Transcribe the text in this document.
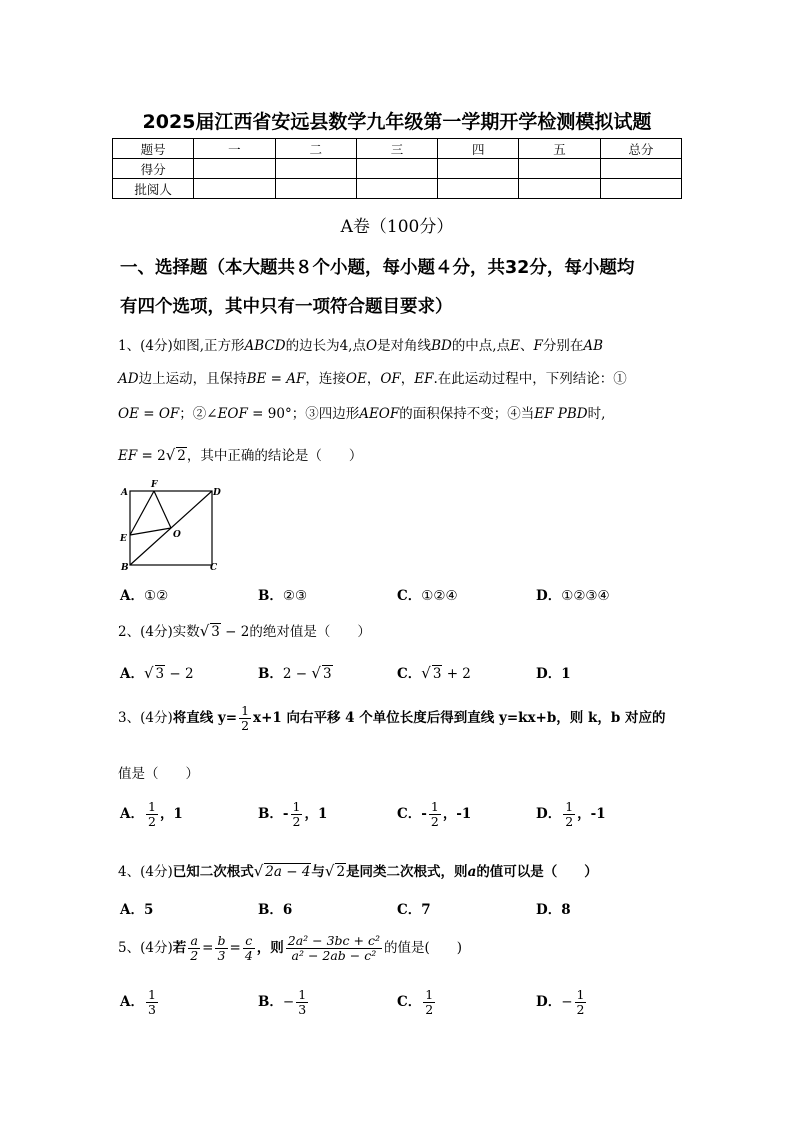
2025届江西省安远县数学九年级第一学期开学检测模拟试题
题号	一	二	三	四	五	总分
得分						
批阅人						
A卷（100分）
一、选择题（本大题共８个小题，每小题４分，共32分，每小题均
有四个选项，其中只有一项符合题目要求）
1、(4分)如图,正方形ABCD的边长为4,点O是对角线BD的中点,点E、F分别在AB
AD边上运动，且保持BE = AF，连接OE，OF，EF.在此运动过程中，下列结论：①
OE = OF；②∠EOF = 90°；③四边形AEOF的面积保持不变；④当EF PBD时,
EF = 2√ 2，其中正确的结论是（　　）
A
F
D
E	O
B	C
A．①②	B．②③	C．①②④	D．①②③④
2、(4分)实数√ 3 − 2的绝对值是（　　）
A．√ 3 − 2	B．2 − √ 3	C．√ 3 + 2	D．1
3、(4分)将直线 $y= \frac{1}{2} x+1$ 向右平移 4 个单位长度后得到直线 y=kx+b，则 k，b 对应的
值是（　　）
A． $\frac{1}{2}$ ，1	B．- $\frac{1}{2}$ ，1	C．- $\frac{1}{2}$ ，-1	D． $\frac{1}{2}$ ，-1
4、(4分)已知二次根式√ 2a − 4与√ 2是同类二次根式，则a的值可以是（　　）
A．5	B．6	C．7	D．8
5、(4分)若 $\frac{a}{2} = \frac{b}{3} = \frac{c}{4}$ ，则 $\frac{\text{2a² − 3bc + c²}}{\text{a² − 2ab − c²}}$ 的值是(　　)
A． $\frac{1}{3}$	B．− $\frac{1}{3}$	C． $\frac{1}{2}$	D．− $\frac{1}{2}$
